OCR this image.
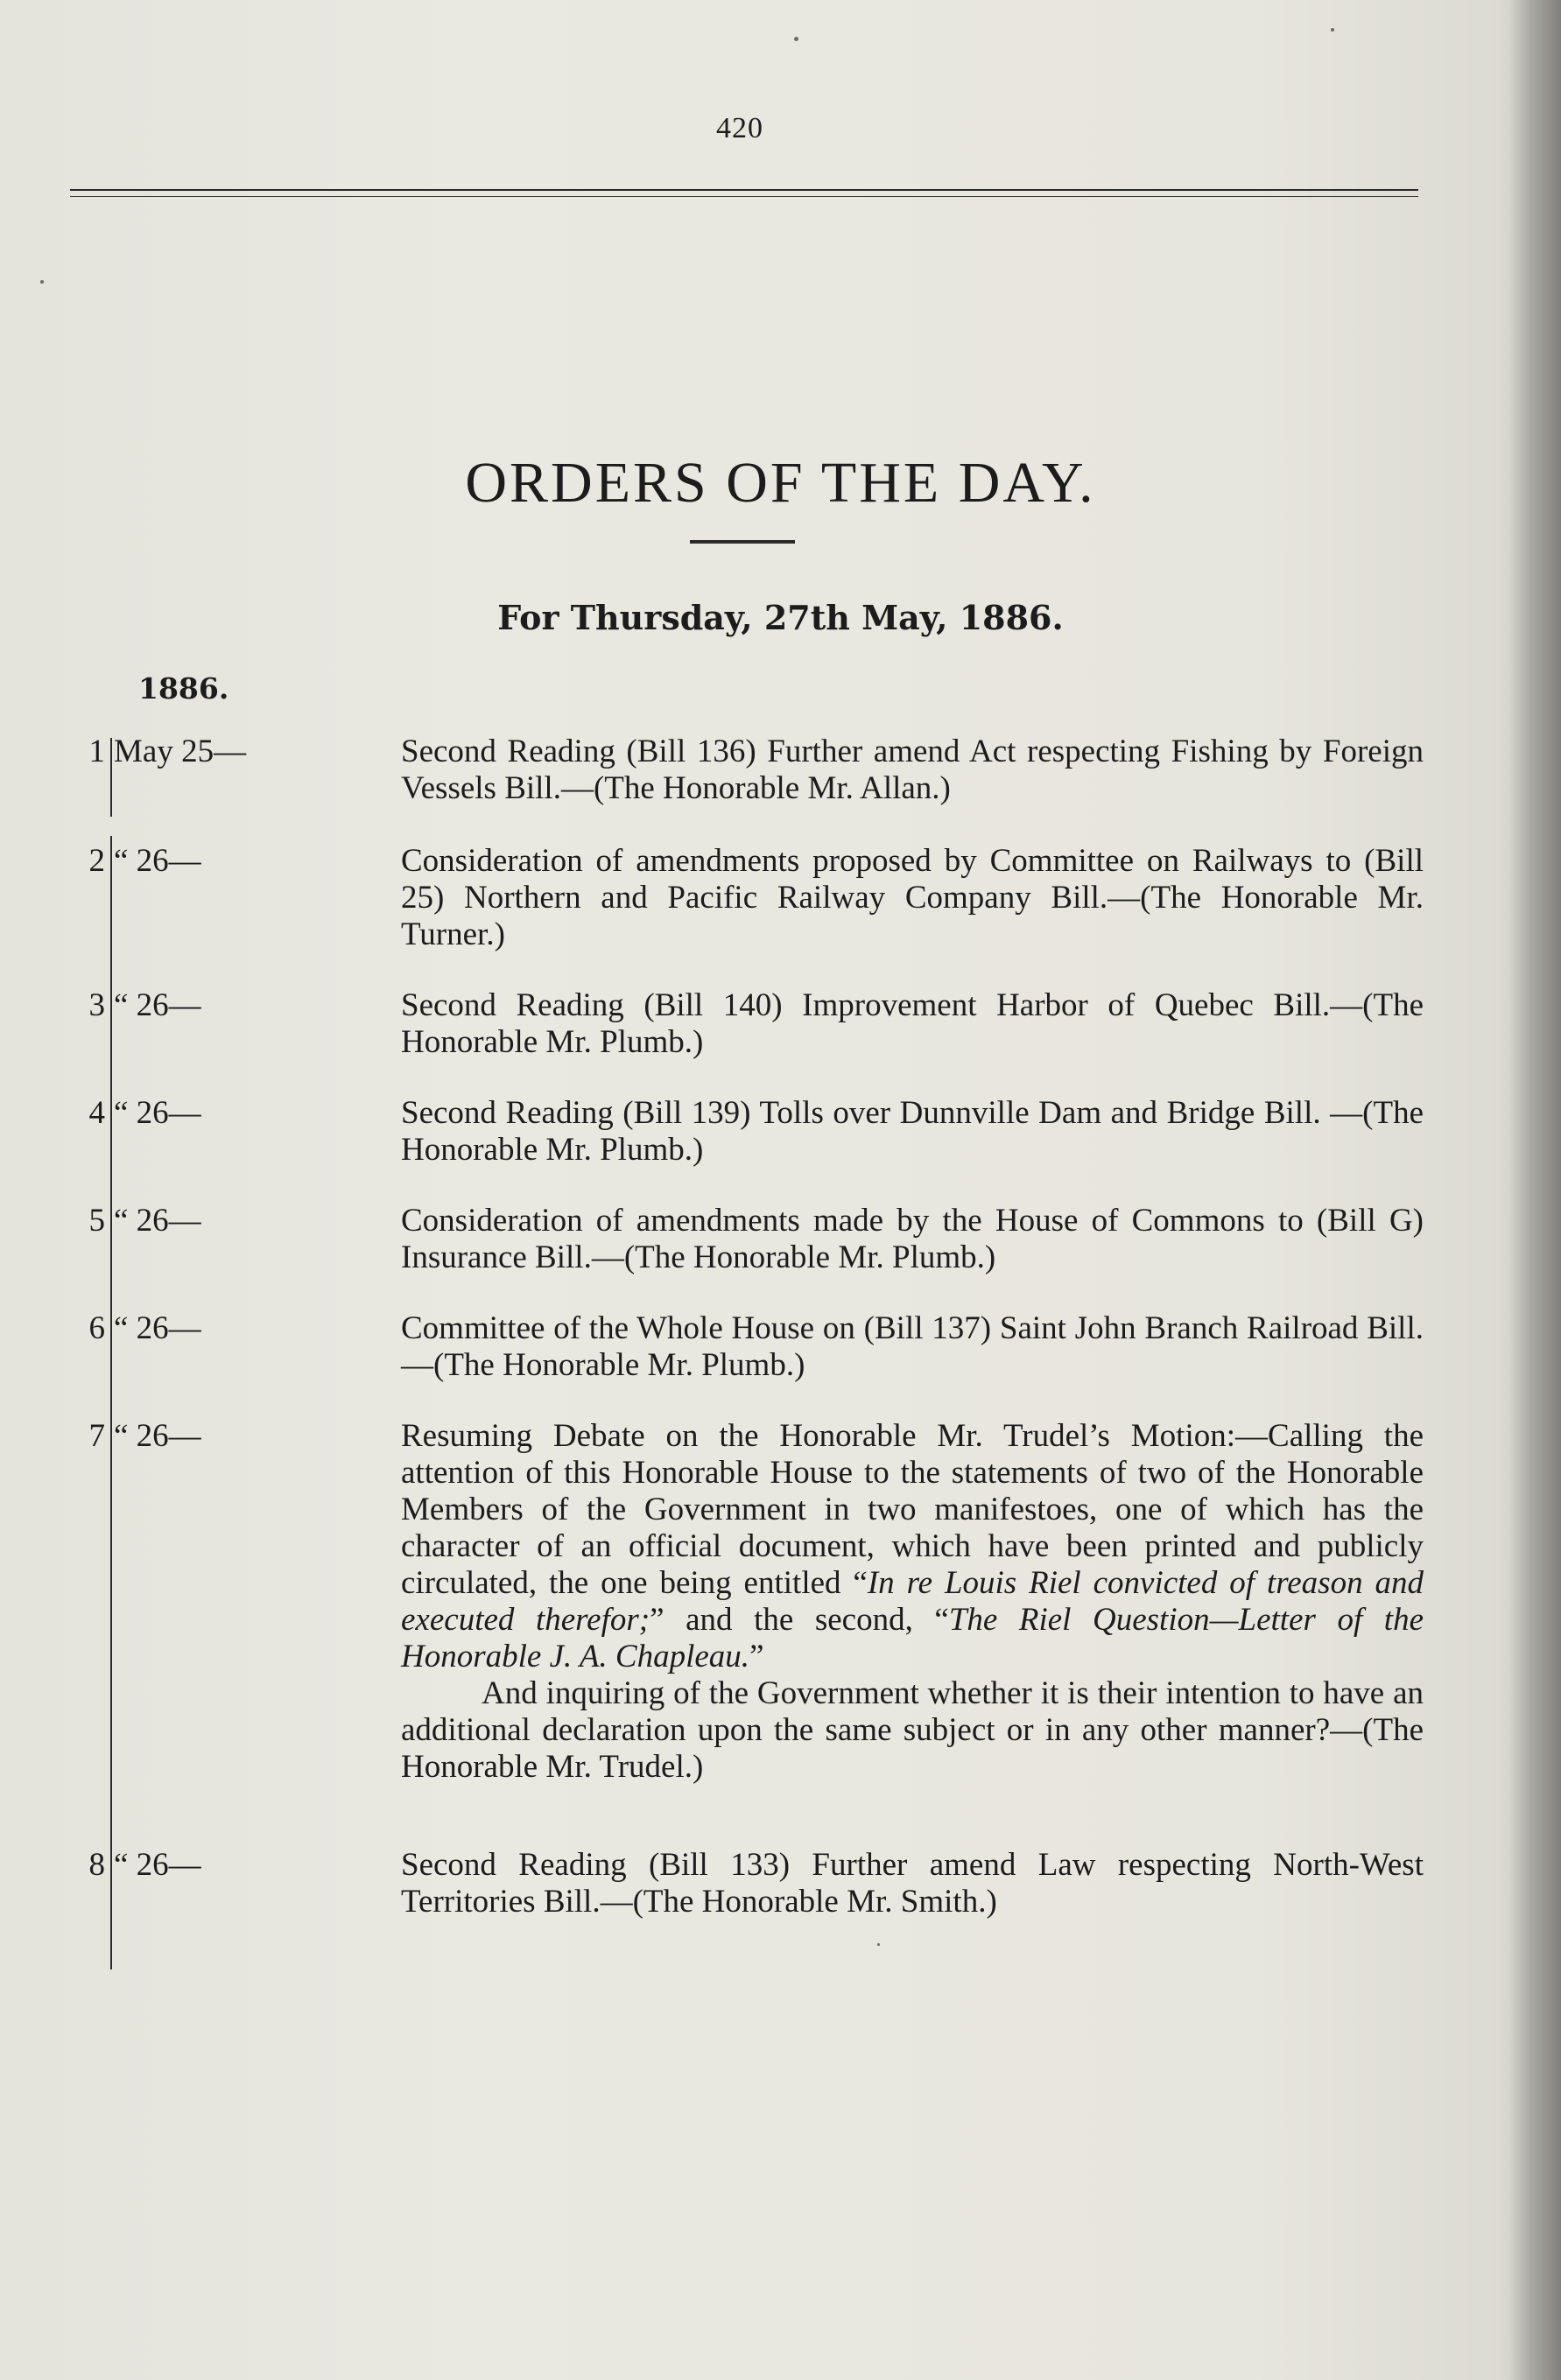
420
ORDERS OF THE DAY.
For Thursday, 27th May, 1886.
1886.
1 May 25—	Second Reading (Bill 136) Further amend Act respecting Fishing by Foreign Vessels Bill.—(The Honorable Mr. Allan.)

2 “ 26—	Consideration of amendments proposed by Committee on Railways to (Bill 25) Northern and Pacific Railway Company Bill.—(The Honorable Mr. Turner.)

3 “ 26—	Second Reading (Bill 140) Improvement Harbor of Quebec Bill.—(The Honorable Mr. Plumb.)

4 “ 26—	Second Reading (Bill 139) Tolls over Dunnville Dam and Bridge Bill. —(The Honorable Mr. Plumb.)

5 “ 26—	Consideration of amendments made by the House of Commons to (Bill G) Insurance Bill.—(The Honorable Mr. Plumb.)

6 “ 26—	Committee of the Whole House on (Bill 137) Saint John Branch Railroad Bill.—(The Honorable Mr. Plumb.)

7 “ 26—	Resuming Debate on the Honorable Mr. Trudel’s Motion:—Calling the attention of this Honorable House to the statements of two of the Honorable Members of the Government in two manifestoes, one of which has the character of an official document, which have been printed and publicly circulated, the one being entitled “In re Louis Riel convicted of treason and executed therefor;” and the second, “The Riel Question—Letter of the Honorable J. A. Chapleau.”

And inquiring of the Government whether it is their intention to have an additional declaration upon the same subject or in any other manner?—(The Honorable Mr. Trudel.)

8 “ 26—	Second Reading (Bill 133) Further amend Law respecting North-West Territories Bill.—(The Honorable Mr. Smith.)
